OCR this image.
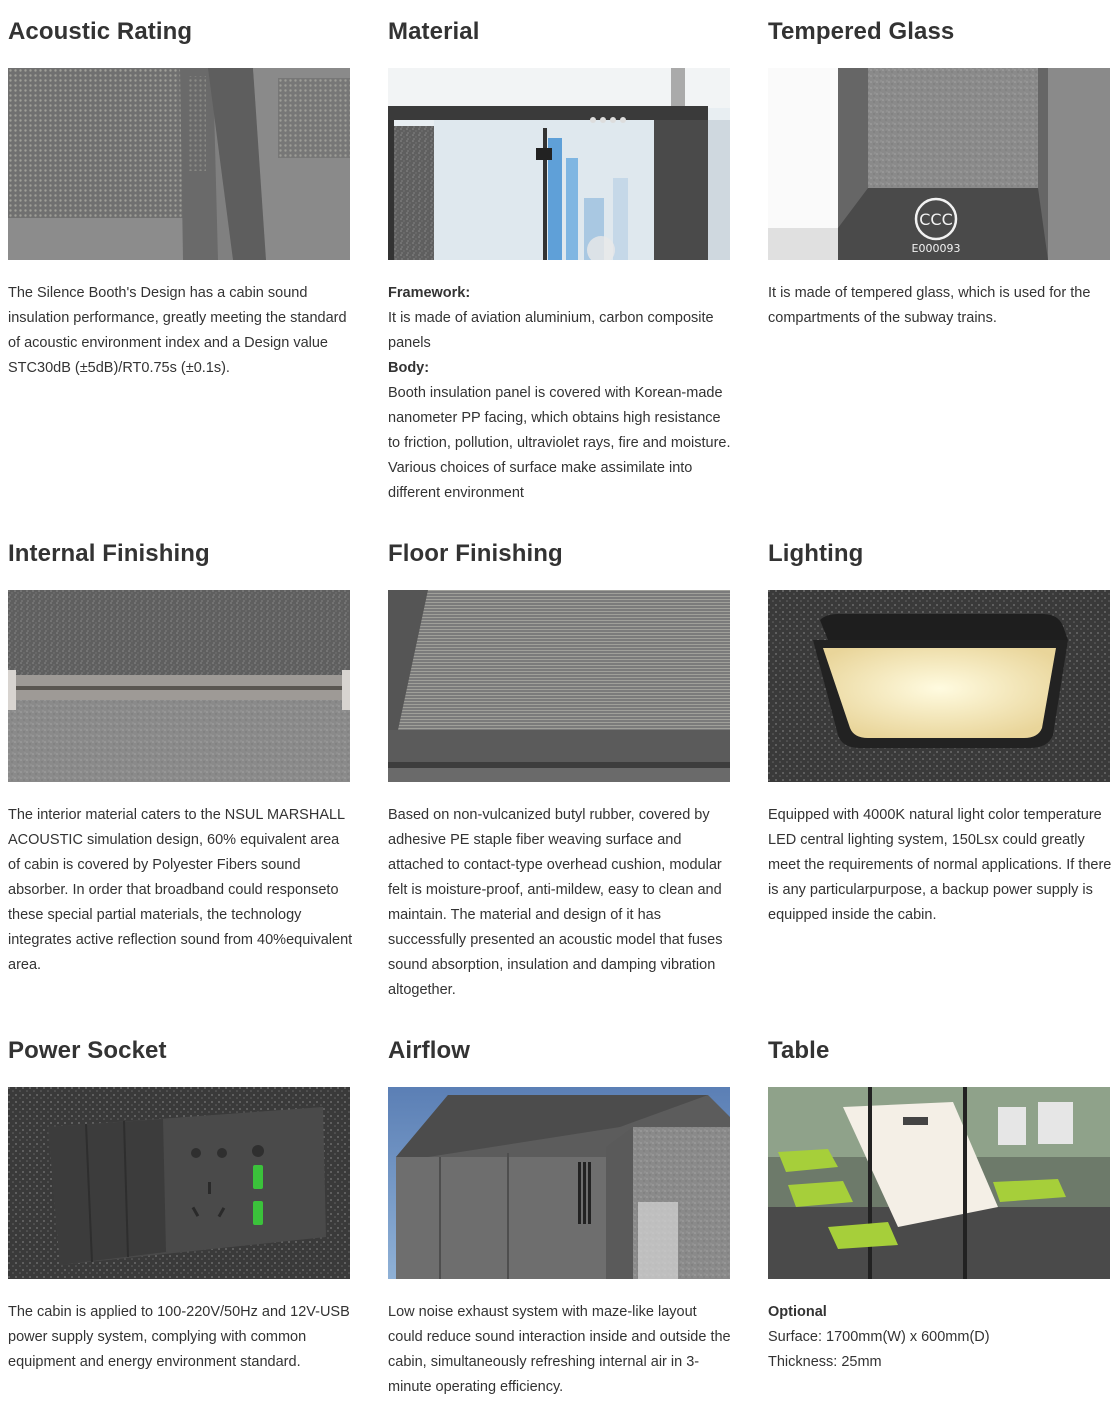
Acoustic Rating

The Silence Booth's Design has a cabin sound insulation performance, greatly meeting the standard of acoustic environment index and a Design value STC30dB (±5dB)/RT0.75s (±0.1s).

Material

Framework:

It is made of aviation aluminium, carbon composite panels

Body:

Booth insulation panel is covered with Korean-made nanometer PP facing, which obtains high resistance to friction, pollution, ultraviolet rays, fire and moisture. Various choices of surface make assimilate into different environment

Tempered Glass
CCC
E000093

It is made of tempered glass, which is used for the compartments of the subway trains.

Internal Finishing

The interior material caters to the NSUL MARSHALL ACOUSTIC simulation design, 60% equivalent area of cabin is covered by Polyester Fibers sound absorber. In order that broadband could responseto these special partial materials, the technology integrates active reflection sound from 40%equivalent area.

Floor Finishing

Based on non-vulcanized butyl rubber, covered by adhesive PE staple fiber weaving surface and attached to contact-type overhead cushion, modular felt is moisture-proof, anti-mildew, easy to clean and maintain. The material and design of it has successfully presented an acoustic model that fuses sound absorption, insulation and damping vibration altogether.

Lighting

Equipped with 4000K natural light color temperature LED central lighting system, 150Lsx could greatly meet the requirements of normal applications. If there is any particularpurpose, a backup power supply is equipped inside the cabin.

Power Socket

The cabin is applied to 100-220V/50Hz and 12V-USB power supply system, complying with common equipment and energy environment standard.

Airflow

Low noise exhaust system with maze-like layout could reduce sound interaction inside and outside the cabin, simultaneously refreshing internal air in 3-minute operating efficiency.

Table

Optional

Surface: 1700mm(W) x 600mm(D)

Thickness: 25mm
